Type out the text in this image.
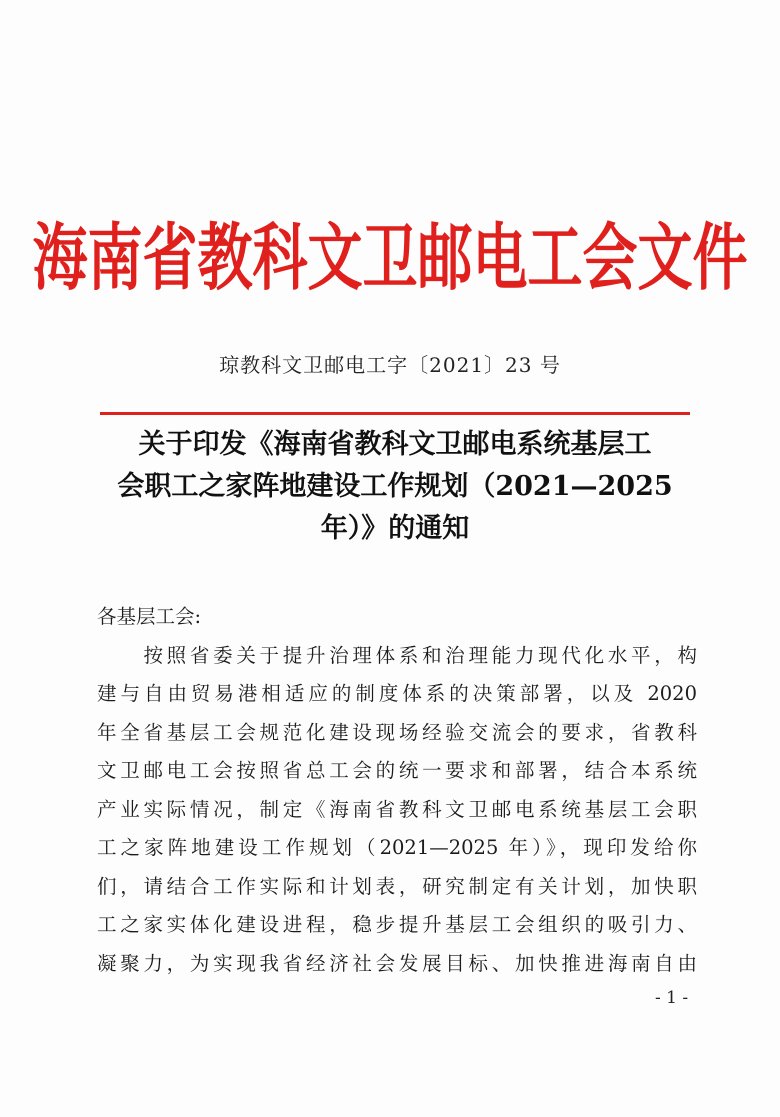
海南省教科文卫邮电工会文件
琼教科文卫邮电工字〔2021〕23 号
关于印发《海南省教科文卫邮电系统基层工
会职工之家阵地建设工作规划（2021—2025
年）》的通知
各基层工会:
　　按照省委关于提升治理体系和治理能力现代化水平，构
建与自由贸易港相适应的制度体系的决策部署，以及 2020
年全省基层工会规范化建设现场经验交流会的要求，省教科
文卫邮电工会按照省总工会的统一要求和部署，结合本系统
产业实际情况，制定《海南省教科文卫邮电系统基层工会职
工之家阵地建设工作规划（2021—2025 年）》，现印发给你
们，请结合工作实际和计划表，研究制定有关计划，加快职
工之家实体化建设进程，稳步提升基层工会组织的吸引力、
凝聚力，为实现我省经济社会发展目标、加快推进海南自由
- 1 -
